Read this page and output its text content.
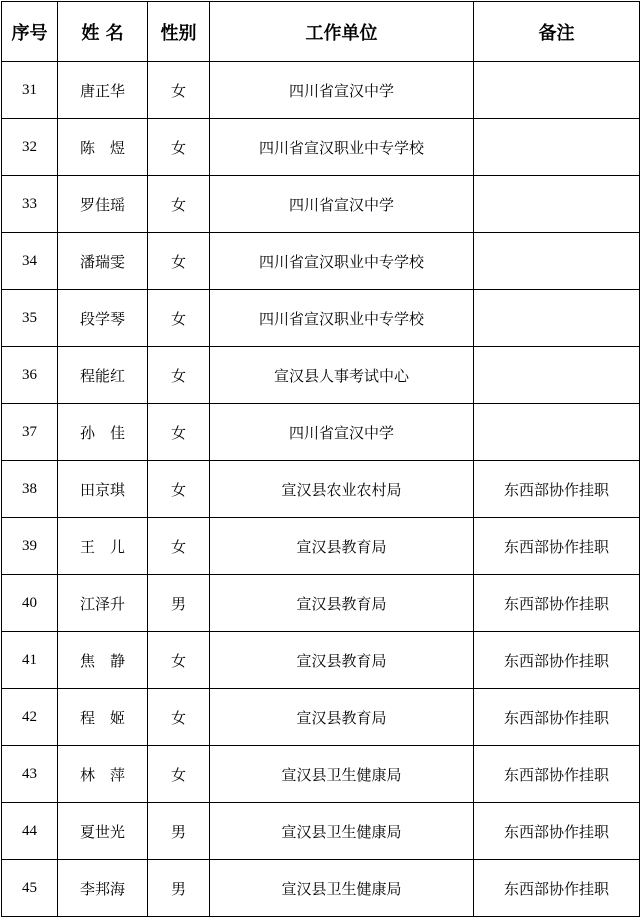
序号	姓 名	性别	工作单位	备注
31	唐正华	女	四川省宣汉中学	
32	陈　煜	女	四川省宣汉职业中专学校	
33	罗佳瑶	女	四川省宣汉中学	
34	潘瑞雯	女	四川省宣汉职业中专学校	
35	段学琴	女	四川省宣汉职业中专学校	
36	程能红	女	宣汉县人事考试中心	
37	孙　佳	女	四川省宣汉中学	
38	田京琪	女	宣汉县农业农村局	东西部协作挂职
39	王　儿	女	宣汉县教育局	东西部协作挂职
40	江泽升	男	宣汉县教育局	东西部协作挂职
41	焦　静	女	宣汉县教育局	东西部协作挂职
42	程　姬	女	宣汉县教育局	东西部协作挂职
43	林　萍	女	宣汉县卫生健康局	东西部协作挂职
44	夏世光	男	宣汉县卫生健康局	东西部协作挂职
45	李邦海	男	宣汉县卫生健康局	东西部协作挂职
